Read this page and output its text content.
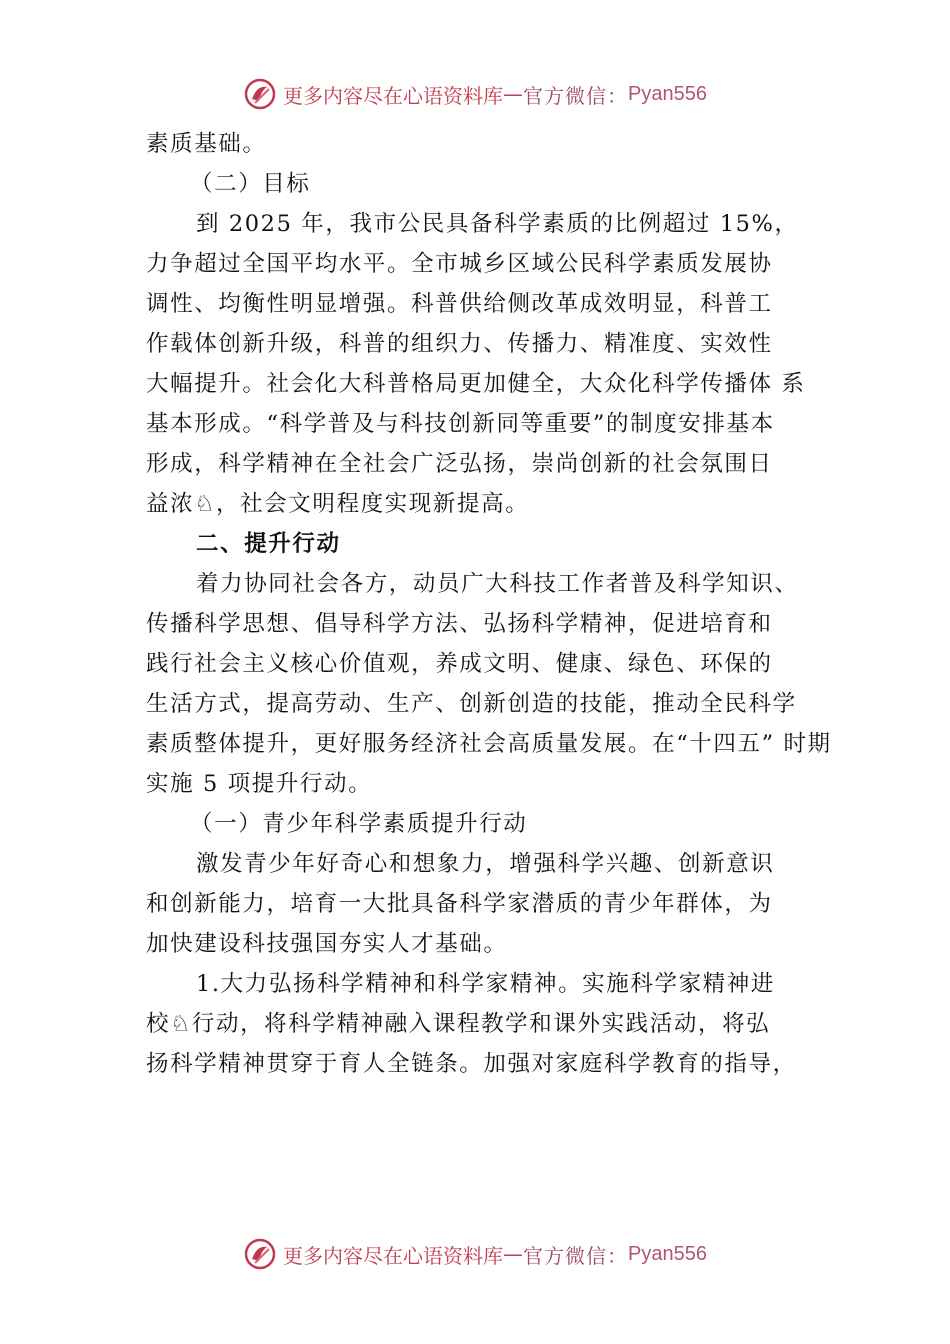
更多内容尽在心语资料库 — 官方微信： Pyan556
素质基础。
（二）目标
到 2025 年，我市公民具备科学素质的比例超过 15%，
力争超过全国平均水平。全市城乡区域公民科学素质发展协
调性、均衡性明显增强。科普供给侧改革成效明显，科普工
作载体创新升级，科普的组织力、传播力、精准度、实效性
大幅提升。社会化大科普格局更加健全，大众化科学传播体 系
基本形成。“科学普及与科技创新同等重要”的制度安排基本
形成，科学精神在全社会广泛弘扬，崇尚创新的社会氛围日
益浓♘，社会文明程度实现新提高。
二、提升行动
着力协同社会各方，动员广大科技工作者普及科学知识、
传播科学思想、倡导科学方法、弘扬科学精神，促进培育和
践行社会主义核心价值观，养成文明、健康、绿色、环保的
生活方式，提高劳动、生产、创新创造的技能，推动全民科学
素质整体提升，更好服务经济社会高质量发展。在“十四五” 时期
实施 5 项提升行动。
（一）青少年科学素质提升行动
激发青少年好奇心和想象力，增强科学兴趣、创新意识
和创新能力，培育一大批具备科学家潜质的青少年群体，为
加快建设科技强国夯实人才基础。
1.大力弘扬科学精神和科学家精神。实施科学家精神进
校♘行动，将科学精神融入课程教学和课外实践活动，将弘
扬科学精神贯穿于育人全链条。加强对家庭科学教育的指导，
更多内容尽在心语资料库 — 官方微信： Pyan556
